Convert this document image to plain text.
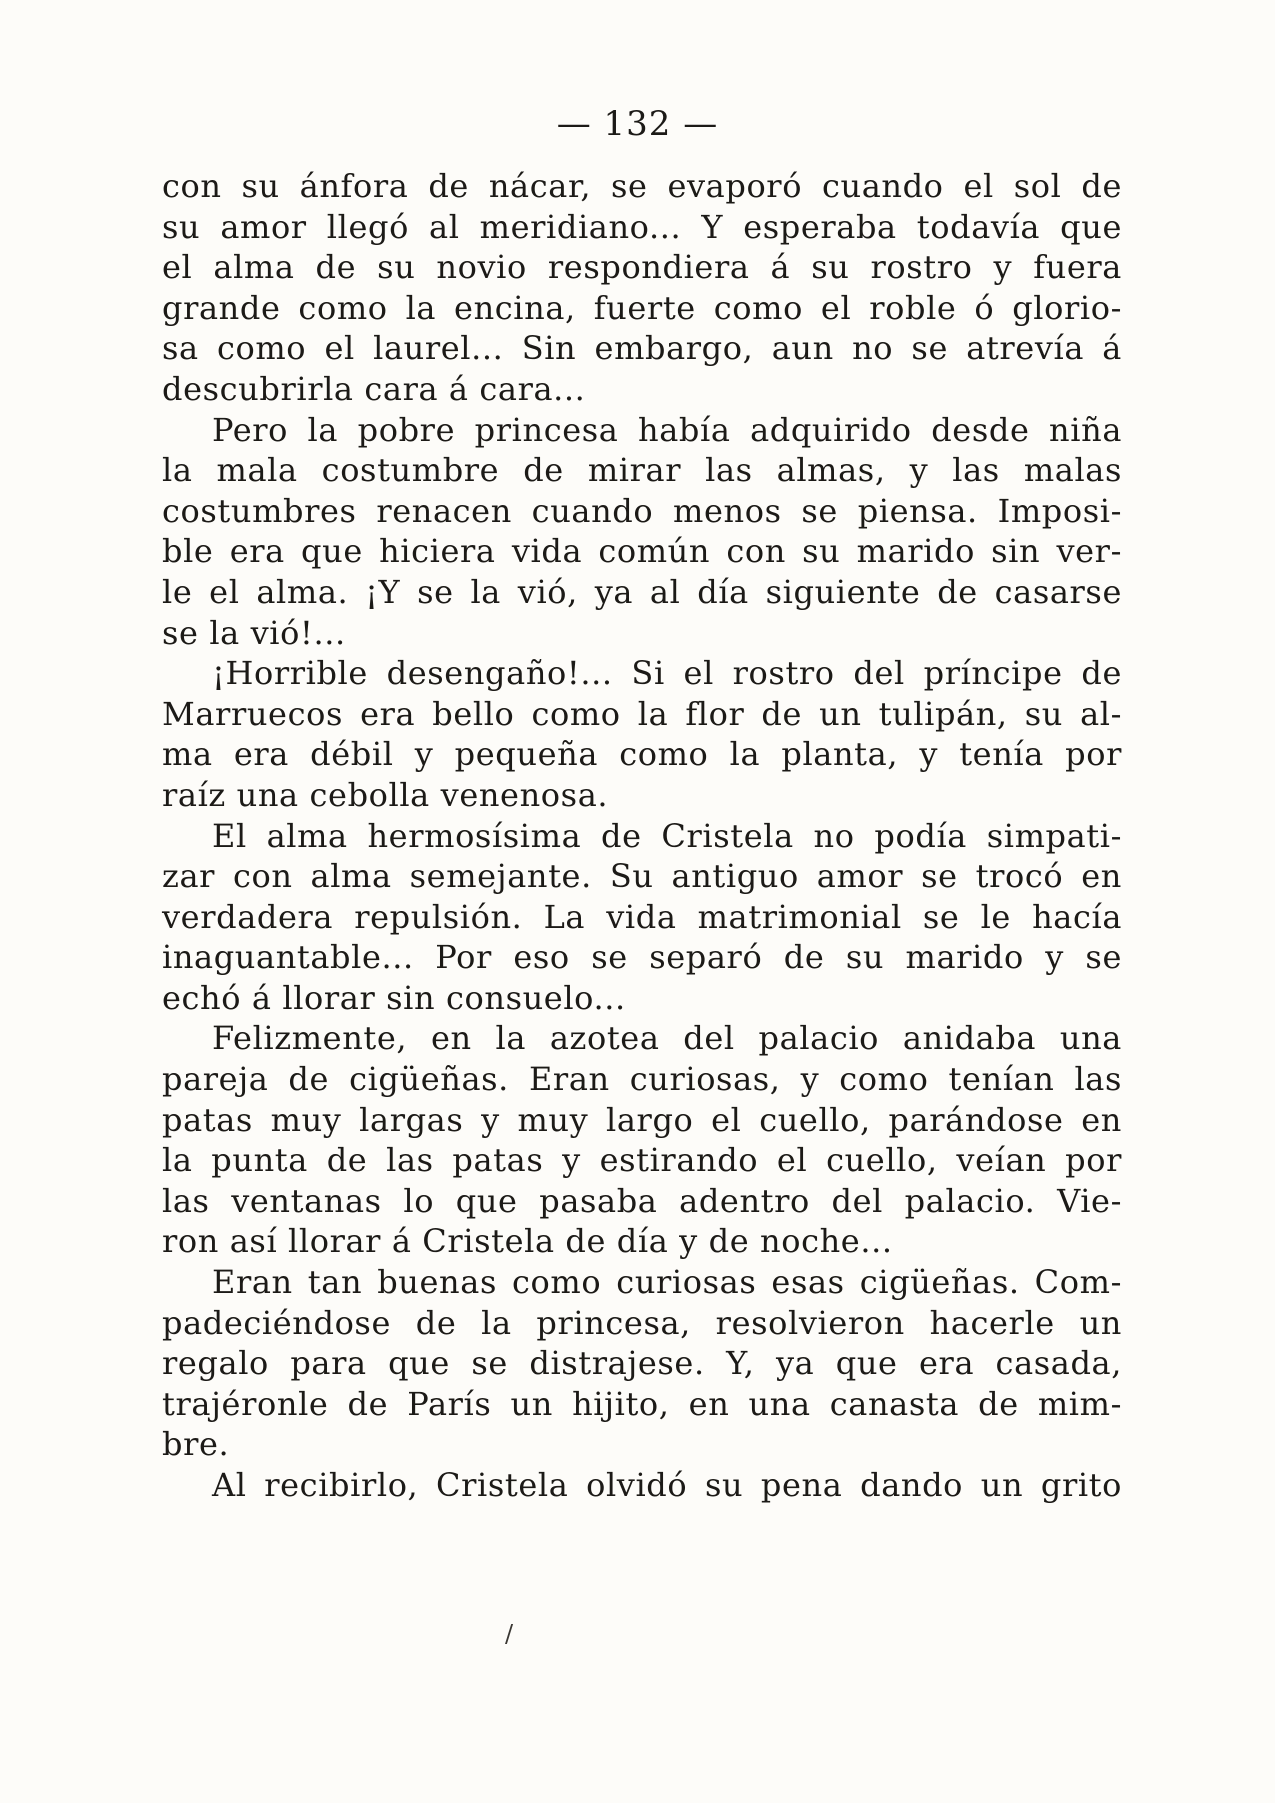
— 132 —
con su ánfora de nácar, se evaporó cuando el sol de
su amor llegó al meridiano... Y esperaba todavía que
el alma de su novio respondiera á su rostro y fuera
grande como la encina, fuerte como el roble ó glorio-
sa como el laurel... Sin embargo, aun no se atrevía á
descubrirla cara á cara...
Pero la pobre princesa había adquirido desde niña
la mala costumbre de mirar las almas, y las malas
costumbres renacen cuando menos se piensa. Imposi-
ble era que hiciera vida común con su marido sin ver-
le el alma. ¡Y se la vió, ya al día siguiente de casarse
se la vió!...
¡Horrible desengaño!... Si el rostro del príncipe de
Marruecos era bello como la flor de un tulipán, su al-
ma era débil y pequeña como la planta, y tenía por
raíz una cebolla venenosa.
El alma hermosísima de Cristela no podía simpati-
zar con alma semejante. Su antiguo amor se trocó en
verdadera repulsión. La vida matrimonial se le hacía
inaguantable... Por eso se separó de su marido y se
echó á llorar sin consuelo...
Felizmente, en la azotea del palacio anidaba una
pareja de cigüeñas. Eran curiosas, y como tenían las
patas muy largas y muy largo el cuello, parándose en
la punta de las patas y estirando el cuello, veían por
las ventanas lo que pasaba adentro del palacio. Vie-
ron así llorar á Cristela de día y de noche...
Eran tan buenas como curiosas esas cigüeñas. Com-
padeciéndose de la princesa, resolvieron hacerle un
regalo para que se distrajese. Y, ya que era casada,
trajéronle de París un hijito, en una canasta de mim-
bre.
Al recibirlo, Cristela olvidó su pena dando un grito
/
